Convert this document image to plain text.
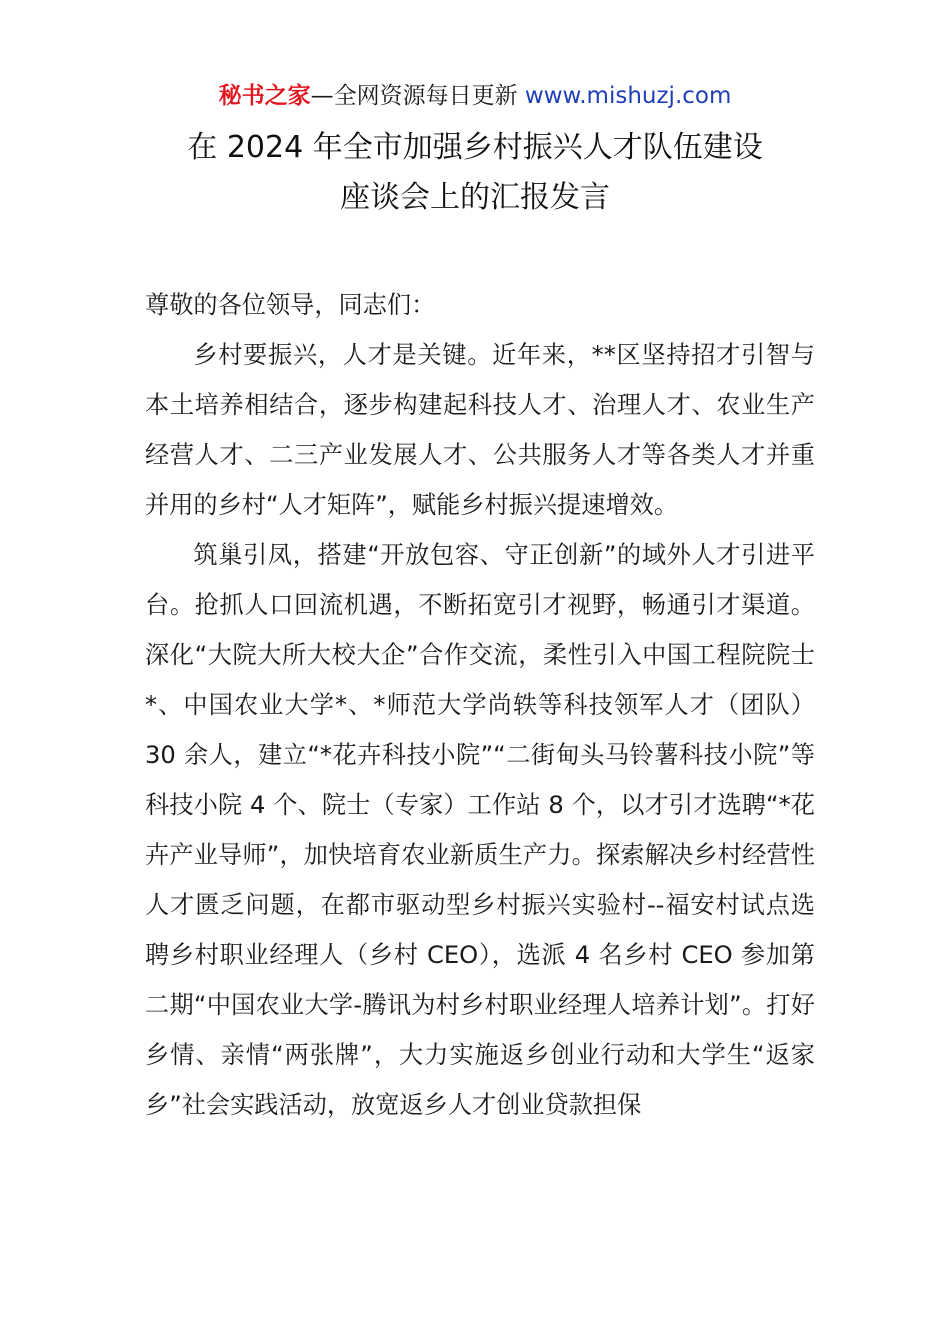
秘书之家—全网资源每日更新 www.mishuzj.com
在 2024 年全市加强乡村振兴人才队伍建设
座谈会上的汇报发言

尊敬的各位领导，同志们：

乡村要振兴，人才是关键。近年来，**区坚持招才引智与本土培养相结合，逐步构建起科技人才、治理人才、农业生产经营人才、二三产业发展人才、公共服务人才等各类人才并重并用的乡村“人才矩阵”，赋能乡村振兴提速增效。

筑巢引凤，搭建“开放包容、守正创新”的域外人才引进平台。抢抓人口回流机遇，不断拓宽引才视野，畅通引才渠道。深化“大院大所大校大企”合作交流，柔性引入中国工程院院士*、中国农业大学*、*师范大学尚轶等科技领军人才（团队）30 余人，建立“*花卉科技小院”“二街甸头马铃薯科技小院”等科技小院 4 个、院士（专家）工作站 8 个，以才引才选聘“*花卉产业导师”，加快培育农业新质生产力。探索解决乡村经营性人才匮乏问题，在都市驱动型乡村振兴实验村--福安村试点选聘乡村职业经理人（乡村 CEO），选派 4 名乡村 CEO 参加第二期“中国农业大学-腾讯为村乡村职业经理人培养计划”。打好乡情、亲情“两张牌”，大力实施返乡创业行动和大学生“返家乡”社会实践活动，放宽返乡人才创业贷款担保
